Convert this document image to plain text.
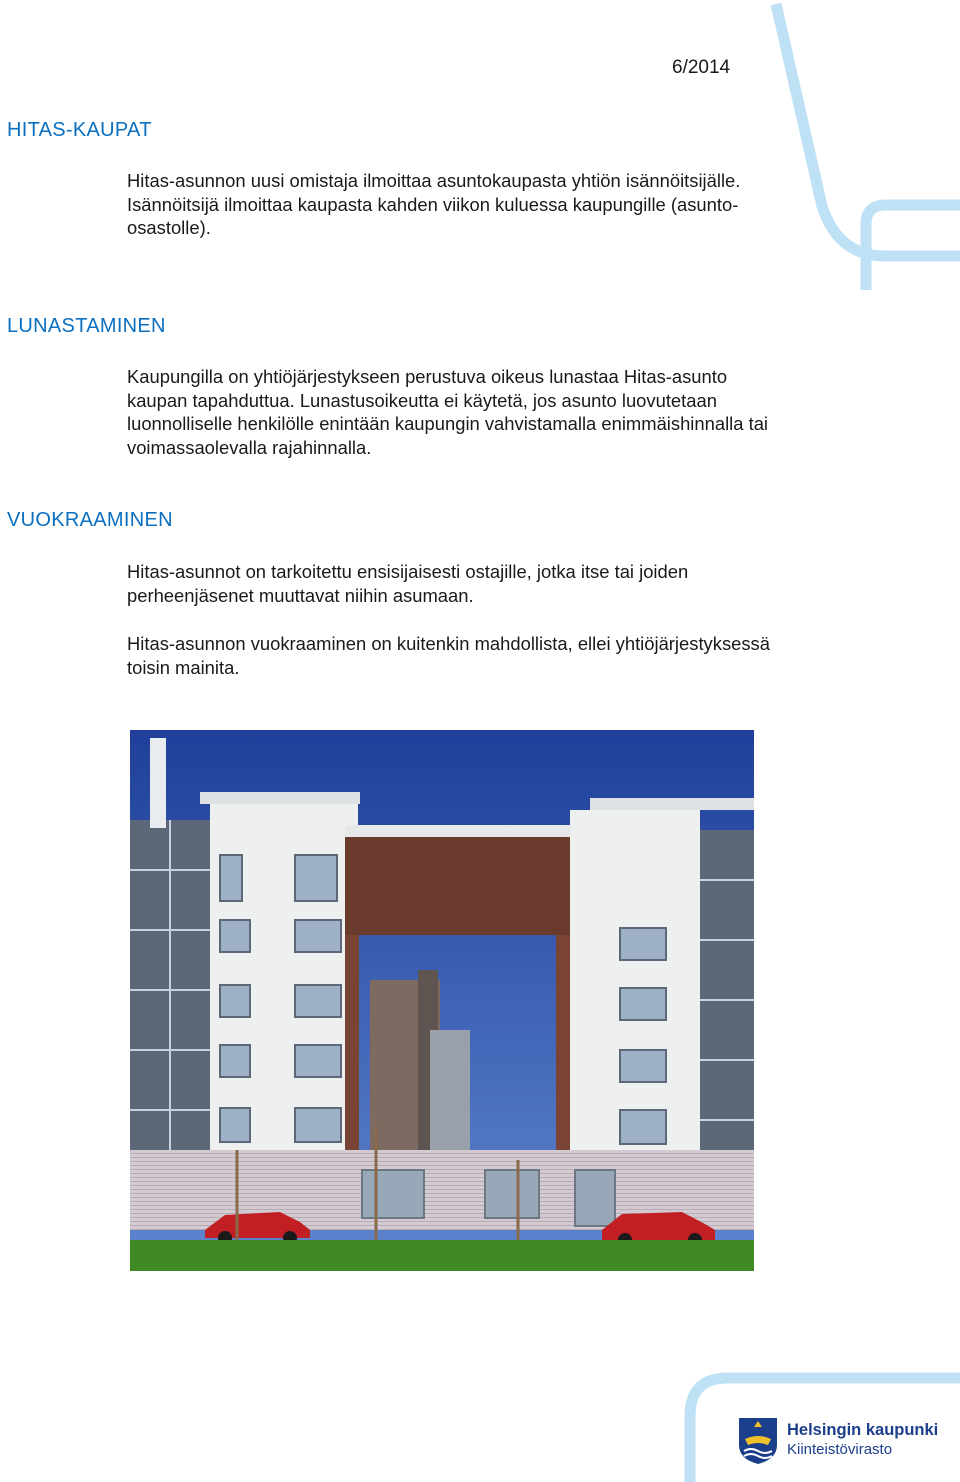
6/2014
HITAS-KAUPAT

Hitas-asunnon uusi omistaja ilmoittaa asuntokaupasta yhtiön isännöitsijälle. Isännöitsijä ilmoittaa kaupasta kahden viikon kuluessa kaupungille (asunto-osastolle).

LUNASTAMINEN

Kaupungilla on yhtiöjärjestykseen perustuva oikeus lunastaa Hitas-asunto kaupan tapahduttua. Lunastusoikeutta ei käytetä, jos asunto luovutetaan luonnolliselle henkilölle enintään kaupungin vahvistamalla enimmäishinnalla tai voimassaolevalla rajahinnalla.

VUOKRAAMINEN

Hitas-asunnot on tarkoitettu ensisijaisesti ostajille, jotka itse tai joiden perheenjäsenet muuttavat niihin asumaan.

Hitas-asunnon vuokraaminen on kuitenkin mahdollista, ellei yhtiöjärjestyksessä toisin mainita.

Helsingin kaupunki
Kiinteistövirasto
